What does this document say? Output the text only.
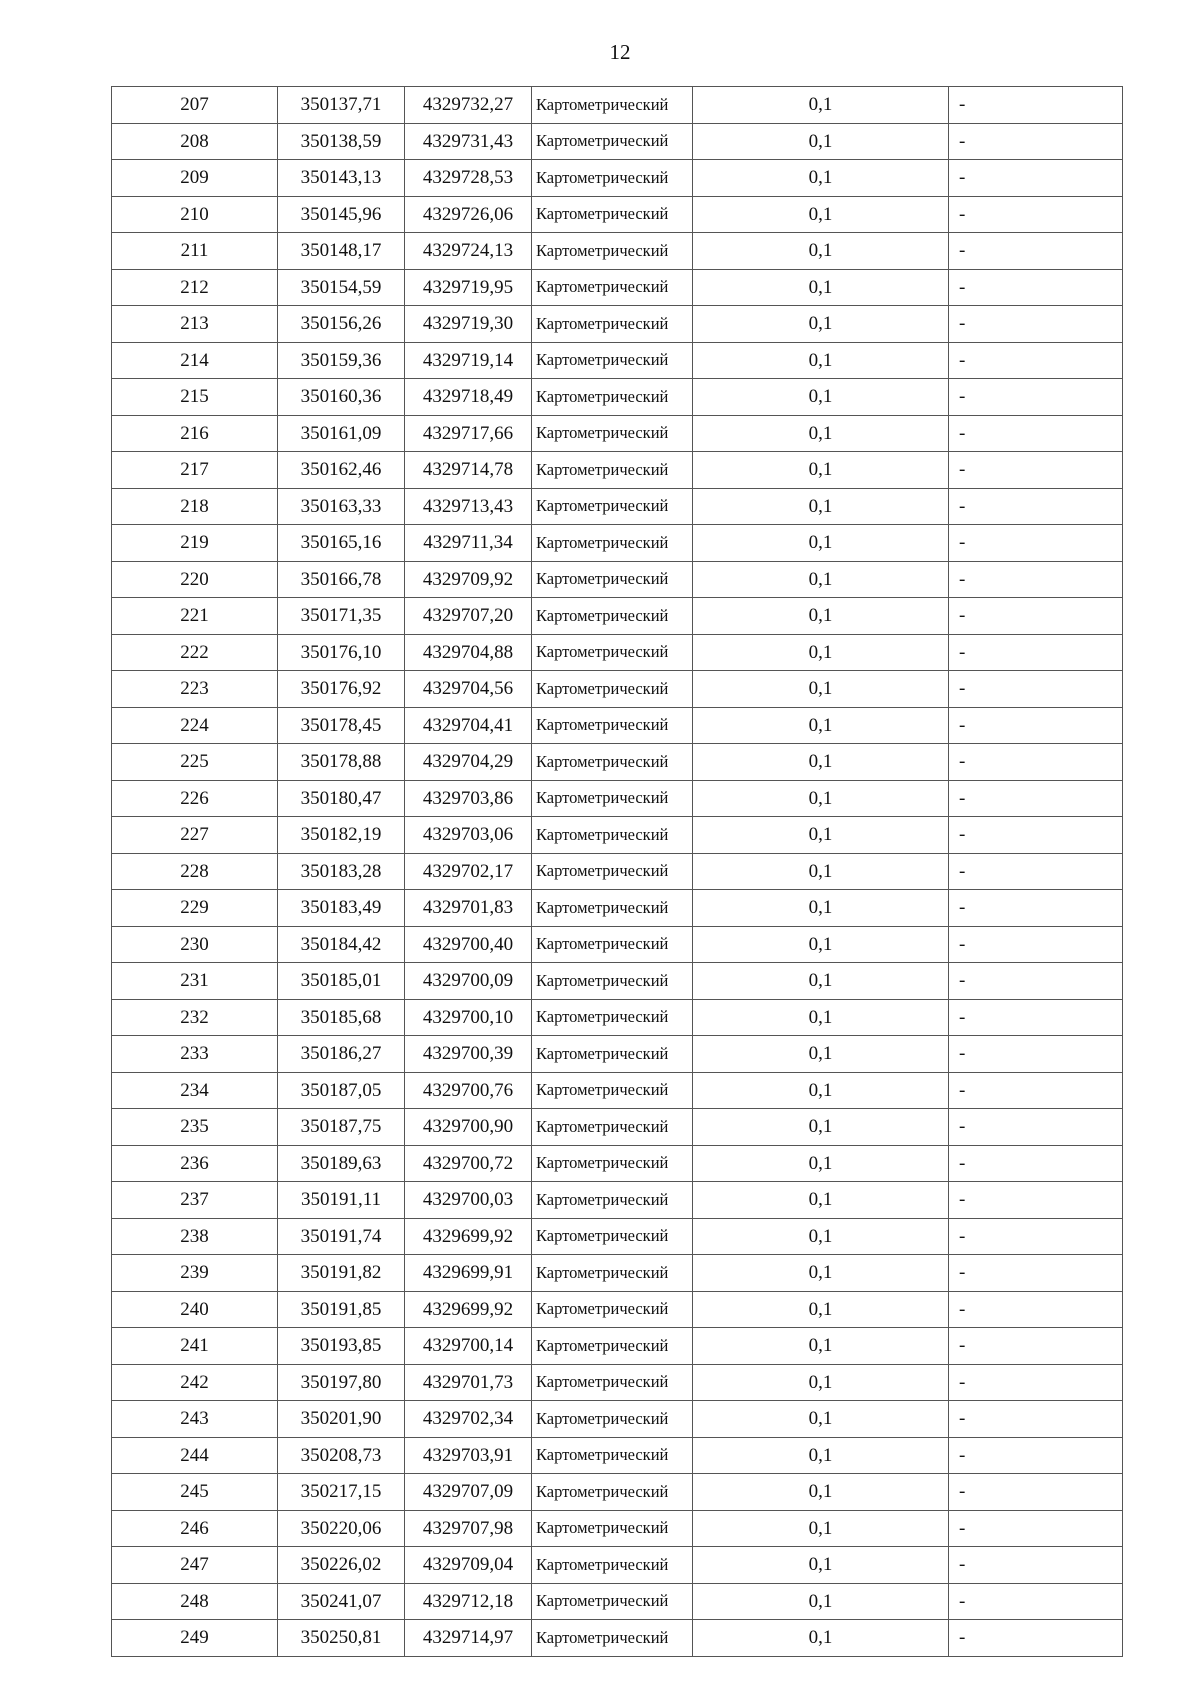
12
207	350137,71	4329732,27	Картометрический	0,1	-
208	350138,59	4329731,43	Картометрический	0,1	-
209	350143,13	4329728,53	Картометрический	0,1	-
210	350145,96	4329726,06	Картометрический	0,1	-
211	350148,17	4329724,13	Картометрический	0,1	-
212	350154,59	4329719,95	Картометрический	0,1	-
213	350156,26	4329719,30	Картометрический	0,1	-
214	350159,36	4329719,14	Картометрический	0,1	-
215	350160,36	4329718,49	Картометрический	0,1	-
216	350161,09	4329717,66	Картометрический	0,1	-
217	350162,46	4329714,78	Картометрический	0,1	-
218	350163,33	4329713,43	Картометрический	0,1	-
219	350165,16	4329711,34	Картометрический	0,1	-
220	350166,78	4329709,92	Картометрический	0,1	-
221	350171,35	4329707,20	Картометрический	0,1	-
222	350176,10	4329704,88	Картометрический	0,1	-
223	350176,92	4329704,56	Картометрический	0,1	-
224	350178,45	4329704,41	Картометрический	0,1	-
225	350178,88	4329704,29	Картометрический	0,1	-
226	350180,47	4329703,86	Картометрический	0,1	-
227	350182,19	4329703,06	Картометрический	0,1	-
228	350183,28	4329702,17	Картометрический	0,1	-
229	350183,49	4329701,83	Картометрический	0,1	-
230	350184,42	4329700,40	Картометрический	0,1	-
231	350185,01	4329700,09	Картометрический	0,1	-
232	350185,68	4329700,10	Картометрический	0,1	-
233	350186,27	4329700,39	Картометрический	0,1	-
234	350187,05	4329700,76	Картометрический	0,1	-
235	350187,75	4329700,90	Картометрический	0,1	-
236	350189,63	4329700,72	Картометрический	0,1	-
237	350191,11	4329700,03	Картометрический	0,1	-
238	350191,74	4329699,92	Картометрический	0,1	-
239	350191,82	4329699,91	Картометрический	0,1	-
240	350191,85	4329699,92	Картометрический	0,1	-
241	350193,85	4329700,14	Картометрический	0,1	-
242	350197,80	4329701,73	Картометрический	0,1	-
243	350201,90	4329702,34	Картометрический	0,1	-
244	350208,73	4329703,91	Картометрический	0,1	-
245	350217,15	4329707,09	Картометрический	0,1	-
246	350220,06	4329707,98	Картометрический	0,1	-
247	350226,02	4329709,04	Картометрический	0,1	-
248	350241,07	4329712,18	Картометрический	0,1	-
249	350250,81	4329714,97	Картометрический	0,1	-
